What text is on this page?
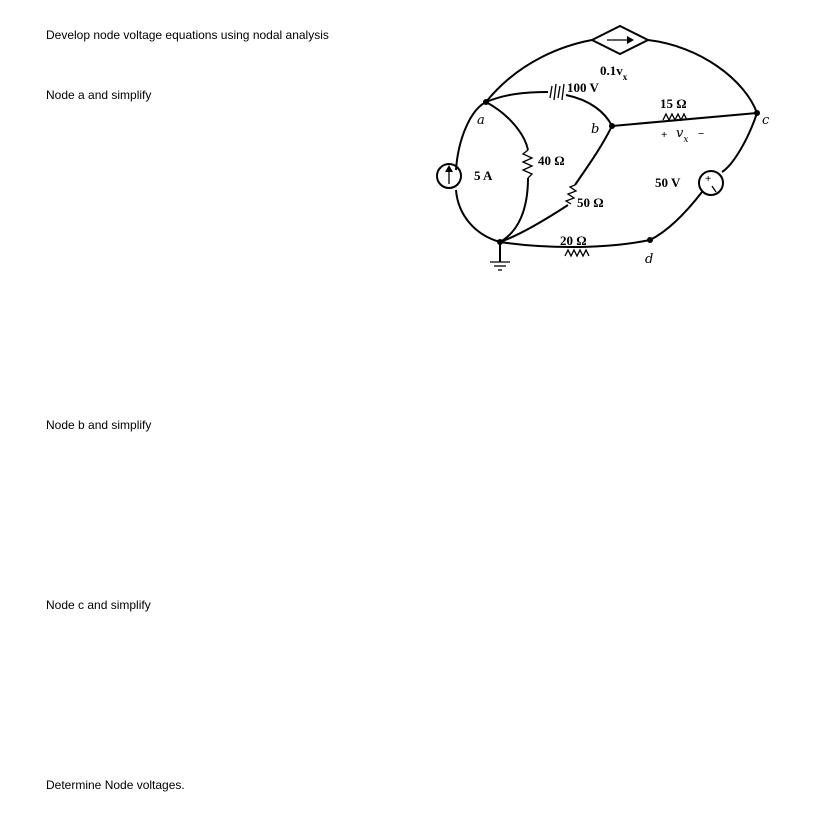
Develop node voltage equations using nodal analysis
Node a and simplify
Node b and simplify
Node c and simplify
Determine Node voltages.
$0.1v_x$
100 V
15 Ω
+ $v_x$ −
+
50 V
5 A
40 Ω
50 Ω
20 Ω
a
b
c
d
